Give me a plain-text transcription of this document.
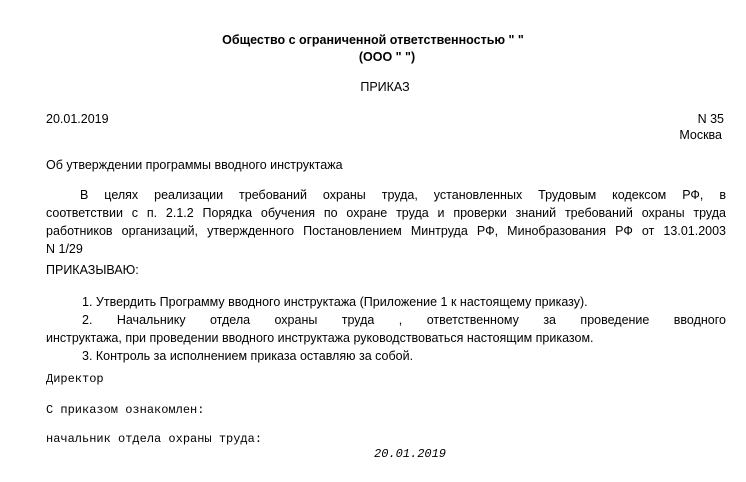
Общество с ограниченной ответственностью " "
(ООО " ")
ПРИКАЗ
20.01.2019	N 35
Москва
Об утверждении программы вводного инструктажа
В целях реализации требований охраны труда, установленных Трудовым кодексом РФ, в
соответствии с п. 2.1.2 Порядка обучения по охране труда и проверки знаний требований охраны труда
работников организаций, утвержденного Постановлением Минтруда РФ, Минобразования РФ от 13.01.2003
N 1/29
ПРИКАЗЫВАЮ:
1. Утвердить Программу вводного инструктажа (Приложение 1 к настоящему приказу).
2. Начальнику отдела охраны труда , ответственному за проведение вводного
инструктажа, при проведении вводного инструктажа руководствоваться настоящим приказом.
3. Контроль за исполнением приказа оставляю за собой.
Директор
С приказом ознакомлен:
начальник отдела охраны труда:
20.01.2019
